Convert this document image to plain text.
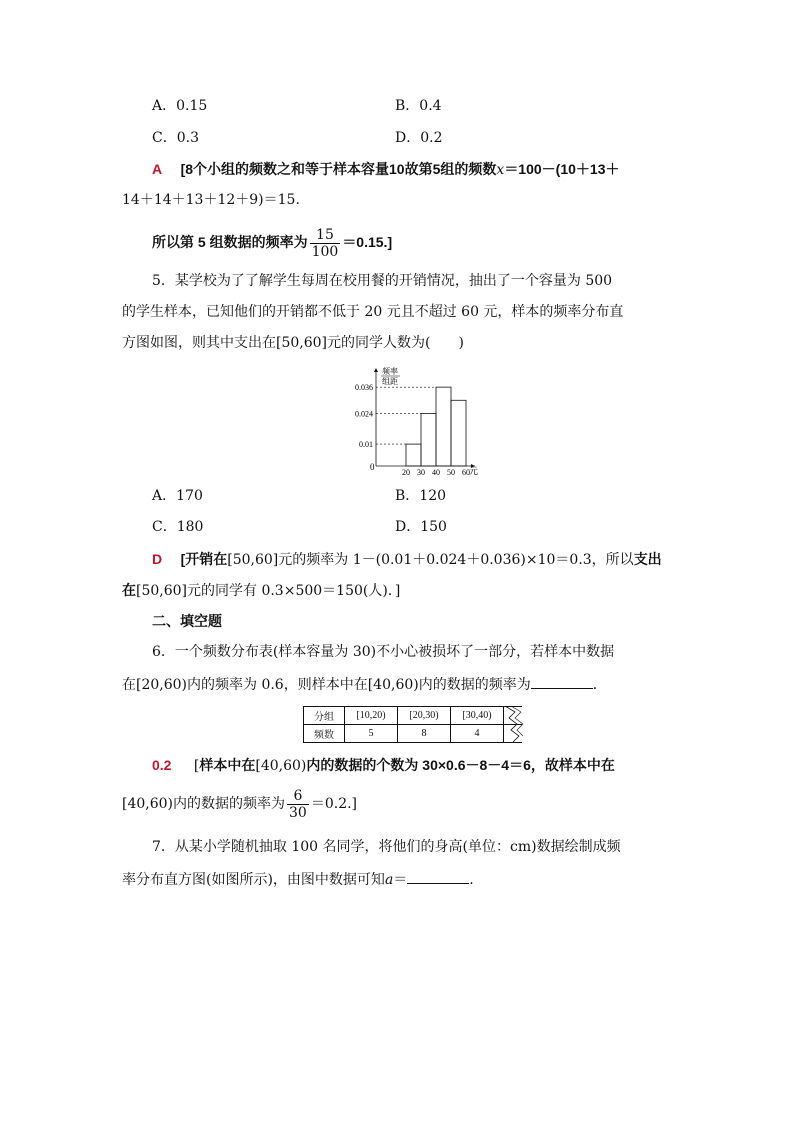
A．0.15	B．0.4
C．0.3	D．0.2
A [8个小组的频数之和等于样本容量10故第5组的频数x＝100－(10＋13＋
14＋14＋13＋12＋9)＝15.
所以第 5 组数据的频率为 $\frac{15}{100} =0.15$.]
5．某学校为了了解学生每周在校用餐的开销情况，抽出了一个容量为 500
的学生样本，已知他们的开销都不低于 20 元且不超过 60 元，样本的频率分布直
方图如图，则其中支出在[50,60]元的同学人数为(　　)
频率
组距
0	元
0.036
0.024
0.01
20 30 40 50 60
A．170	B．120
C．180	D．150
D [开销在[50,60]元的频率为 1－(0.01＋0.024＋0.036)×10＝0.3，所以支出
在[50,60]元的同学有 0.3×500＝150(人)．]
二、填空题
6．一个频数分布表(样本容量为 30)不小心被损坏了一部分，若样本中数据
在[20,60)内的频率为 0.6，则样本中在[40,60)内的数据的频率为	．
分组	[10,20)	[20,30)	[30,40)	
频数	5	8	4	
0.2 [样本中在[40,60)内的数据的个数为 30×0.6－8－4＝6，故样本中在
[40,60)内的数据的频率为 $\frac{6}{30} =0.2$.]
7．从某小学随机抽取 100 名同学，将他们的身高(单位：cm)数据绘制成频
率分布直方图(如图所示)，由图中数据可知a＝	.
